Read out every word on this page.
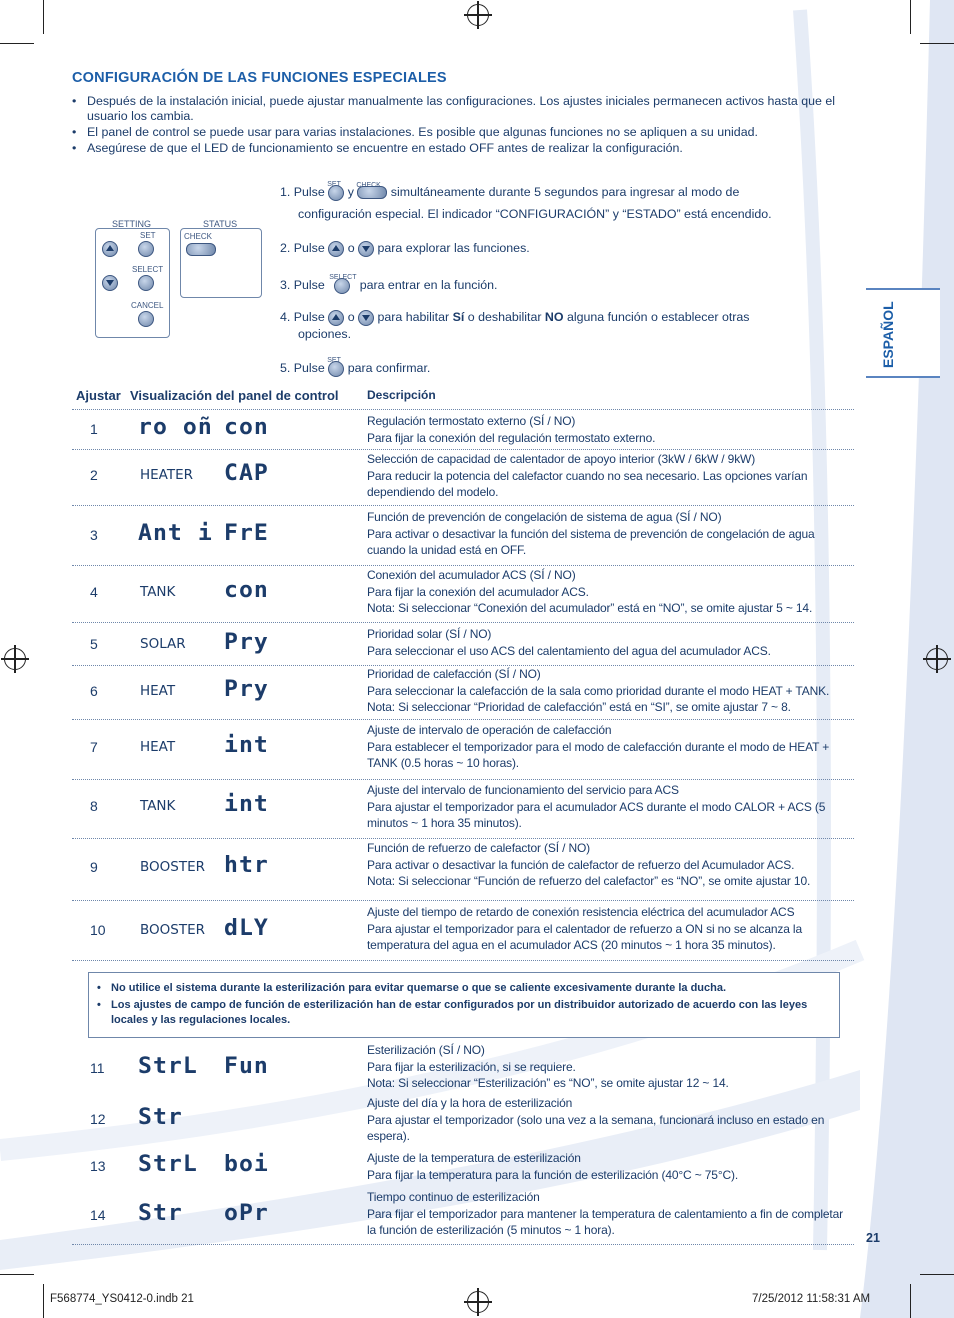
CONFIGURACIÓN DE LAS FUNCIONES ESPECIALES
• Después de la instalación inicial, puede ajustar manualmente las configuraciones. Los ajustes iniciales permanecen activos hasta que el usuario los cambia.
• El panel de control se puede usar para varias instalaciones. Es posible que algunas funciones no se apliquen a su unidad.
• Asegúrese de que el LED de funcionamiento se encuentre en estado OFF antes de realizar la configuración.
SET
SELECT
CANCEL
SETTING
CHECK
STATUS
1. Pulse
SET
y CHECK simultáneamente durante 5 segundos para ingresar al modo de
configuración especial. El indicador “CONFIGURACIÓN” y “ESTADO” está encendido.
2. Pulse o para explorar las funciones.
3. Pulse
SELECT
para entrar en la función.
4. Pulse o para habilitar Sí o deshabilitar NO alguna función o establecer otras
opciones.
5. Pulse
SET
para confirmar.	ESPAÑOL
Ajustar Visualización del panel de control Descripción
1 ro oñ con	Regulación termostato externo (SÍ / NO)
Para fijar la conexión del regulación termostato externo.
2	HEATER CAP
Selección de capacidad de calentador de apoyo interior (3kW / 6kW / 9kW)
Para reducir la potencia del calefactor cuando no sea necesario. Las opciones varían dependiendo del modelo.
3 Ant i FrE
Función de prevención de congelación de sistema de agua (SÍ / NO)
Para activar o desactivar la función del sistema de prevención de congelación de agua cuando la unidad está en OFF.
4	TANK con
Conexión del acumulador ACS (SÍ / NO)
Para fijar la conexión del acumulador ACS.
Nota: Si seleccionar “Conexión del acumulador” está en “NO”, se omite ajustar 5 ~ 14.
5	SOLAR Pry	Prioridad solar (SÍ / NO)
Para seleccionar el uso ACS del calentamiento del agua del acumulador ACS.
6	HEAT Pry
Prioridad de calefacción (SÍ / NO)
Para seleccionar la calefacción de la sala como prioridad durante el modo HEAT + TANK.
Nota: Si seleccionar “Prioridad de calefacción” está en “SI”, se omite ajustar 7 ~ 8.
7	HEAT int
Ajuste de intervalo de operación de calefacción
Para establecer el temporizador para el modo de calefacción durante el modo de HEAT + TANK (0.5 horas ~ 10 horas).
8	TANK int
Ajuste del intervalo de funcionamiento del servicio para ACS
Para ajustar el temporizador para el acumulador ACS durante el modo CALOR + ACS (5 minutos ~ 1 hora 35 minutos).
9	BOOSTER htr
Función de refuerzo de calefactor (SÍ / NO)
Para activar o desactivar la función de calefactor de refuerzo del Acumulador ACS.
Nota: Si seleccionar “Función de refuerzo del calefactor” es “NO”, se omite ajustar 10.
10	BOOSTER dLY
Ajuste del tiempo de retardo de conexión resistencia eléctrica del acumulador ACS
Para ajustar el temporizador para el calentador de refuerzo a ON si no se alcanza la temperatura del agua en el acumulador ACS (20 minutos ~ 1 hora 35 minutos).
• No utilice el sistema durante la esterilización para evitar quemarse o que se caliente excesivamente durante la ducha.
• Los ajustes de campo de función de esterilización han de estar configurados por un distribuidor autorizado de acuerdo con las leyes locales y las regulaciones locales.
11 StrL Fun
Esterilización (SÍ / NO)
Para fijar la esterilización, si se requiere.
Nota: Si seleccionar “Esterilización” es “NO”, se omite ajustar 12 ~ 14.
12 Str
Ajuste del día y la hora de esterilización
Para ajustar el temporizador (solo una vez a la semana, funcionará incluso en estado en espera).
13 StrL boi	Ajuste de la temperatura de esterilización
Para fijar la temperatura para la función de esterilización (40°C ~ 75°C).
14 Str oPr
Tiempo continuo de esterilización
Para fijar el temporizador para mantener la temperatura de calentamiento a fin de completar la función de esterilización (5 minutos ~ 1 hora).
21
F568774_YS0412-0.indb 21	7/25/2012 11:58:31 AM
